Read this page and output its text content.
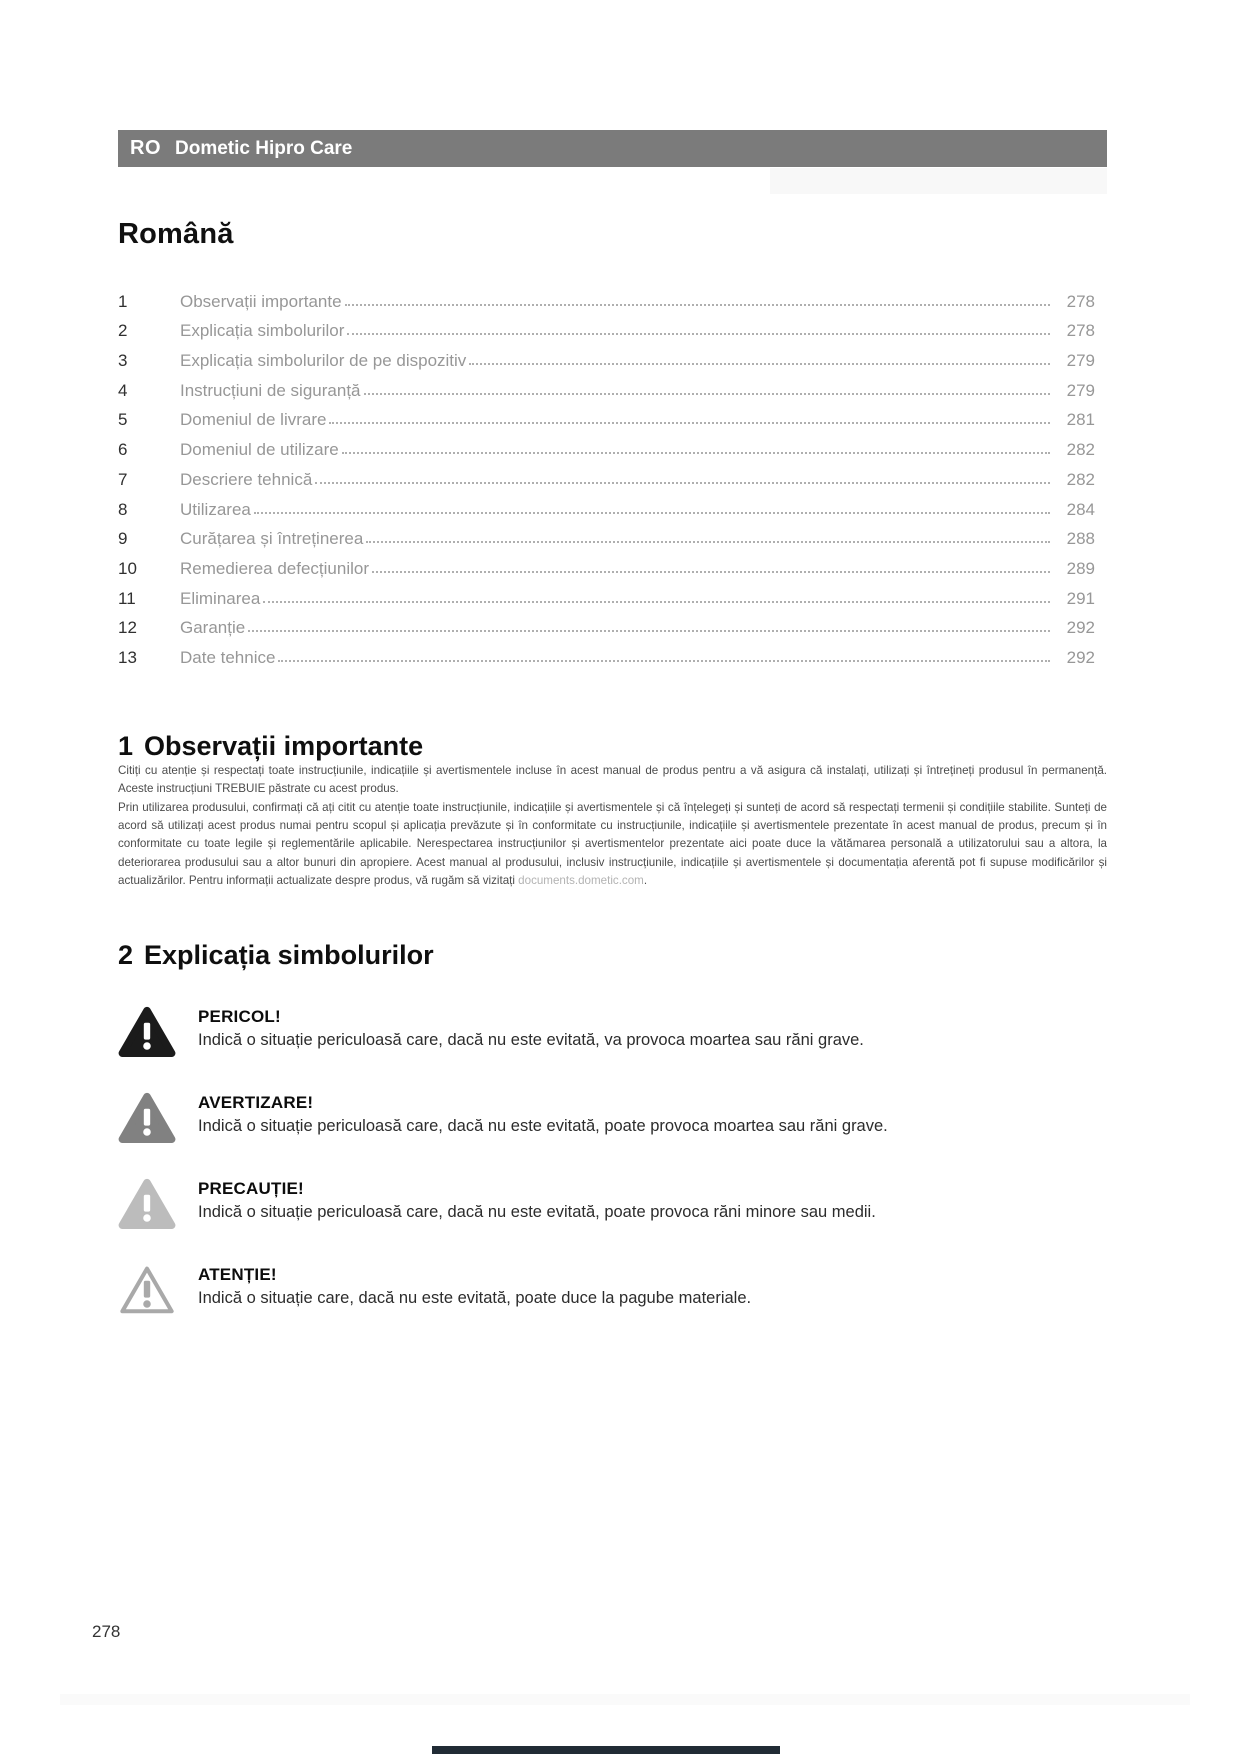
RO Dometic Hipro Care
Română
1	Observații importante	278
2	Explicația simbolurilor	278
3	Explicația simbolurilor de pe dispozitiv	279
4	Instrucțiuni de siguranță	279
5	Domeniul de livrare	281
6	Domeniul de utilizare	282
7	Descriere tehnică	282
8	Utilizarea	284
9	Curățarea și întreținerea	288
10	Remedierea defecțiunilor	289
11	Eliminarea	291
12	Garanție	292
13	Date tehnice	292
1 Observații importante

Citiți cu atenție și respectați toate instrucțiunile, indicațiile și avertismentele incluse în acest manual de produs pentru a vă asigura că instalați, utilizați și întrețineți produsul în permanență. Aceste instrucțiuni TREBUIE păstrate cu acest produs.

Prin utilizarea produsului, confirmați că ați citit cu atenție toate instrucțiunile, indicațiile și avertismentele și că înțelegeți și sunteți de acord să respectați termenii și condițiile stabilite. Sunteți de acord să utilizați acest produs numai pentru scopul și aplicația prevăzute și în conformitate cu instrucțiunile, indicațiile și avertismentele prezentate în acest manual de produs, precum și în conformitate cu toate legile și reglementările aplicabile. Nerespectarea instrucțiunilor și avertismentelor prezentate aici poate duce la vătămarea personală a utilizatorului sau a altora, la deteriorarea produsului sau a altor bunuri din apropiere. Acest manual al produsului, inclusiv instrucțiunile, indicațiile și avertismentele și documentația aferentă pot fi supuse modificărilor și actualizărilor. Pentru informații actualizate despre produs, vă rugăm să vizitați documents.dometic.com.

2 Explicația simbolurilor
PERICOL!
Indică o situație periculoasă care, dacă nu este evitată, va provoca moartea sau răni grave.
AVERTIZARE!
Indică o situație periculoasă care, dacă nu este evitată, poate provoca moartea sau răni grave.
PRECAUȚIE!
Indică o situație periculoasă care, dacă nu este evitată, poate provoca răni minore sau medii.
ATENȚIE!
Indică o situație care, dacă nu este evitată, poate duce la pagube materiale.
278
